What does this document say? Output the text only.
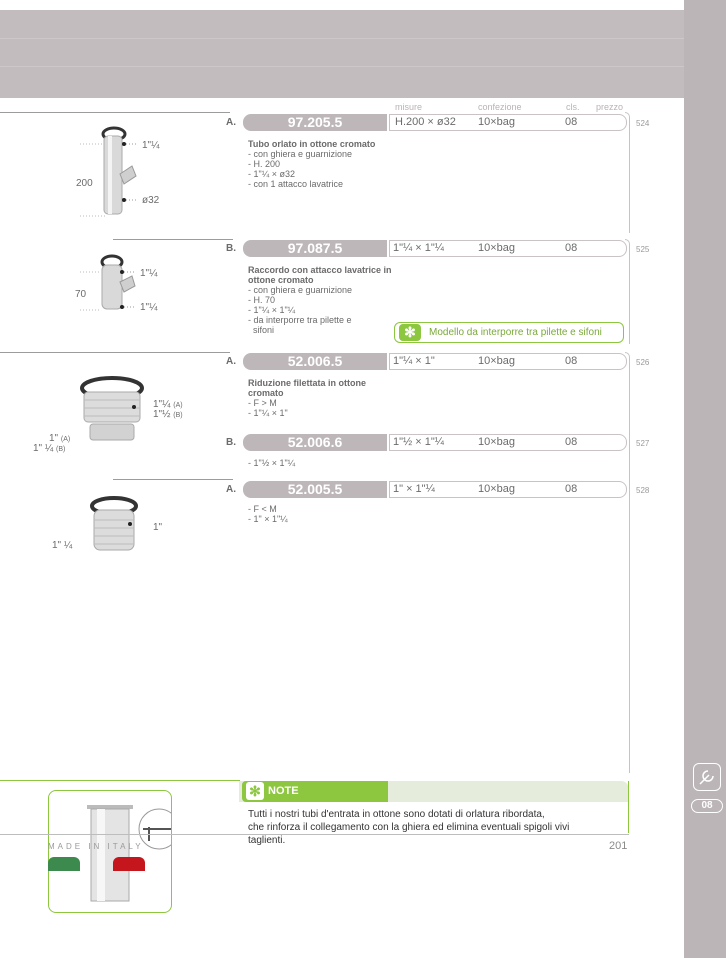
08
misure	confezione	cls. prezzo
A.	97.205.5	H.200 × ø32 10×bag	08	524
Tubo orlato in ottone cromato
- con ghiera e guarnizione
- H. 200
- 1"¼ × ø32
- con 1 attacco lavatrice
1"¼
200
ø32
B.	97.087.5	1"¼ × 1"¼	10×bag	08	525
Raccordo con attacco lavatrice in ottone cromato
- con ghiera e guarnizione
- H. 70
- 1"¼ × 1"¼
- da interporre tra pilette e
sifoni	✻	Modello da interporre tra pilette e sifoni
1"¼
70
1"¼
A.	52.006.5	1"¼ × 1"	10×bag	08	526
Riduzione filettata in ottone cromato
- F > M
- 1"¼ × 1"
1"¼ (A)
1"½ (B)
1" (A)
1" ¼ (B)
B.	52.006.6	1"½ × 1"¼	10×bag	08	527
- 1"½ × 1"¼
A.	52.005.5	1" × 1"¼	10×bag	08	528
- F < M
- 1" × 1"¼
1"
1" ¼
✻ NOTE
Tutti i nostri tubi d'entrata in ottone sono dotati di orlatura ribordata,
che rinforza il collegamento con la ghiera ed elimina eventuali spigoli vivi
taglienti.
MADE IN ITALY	201
